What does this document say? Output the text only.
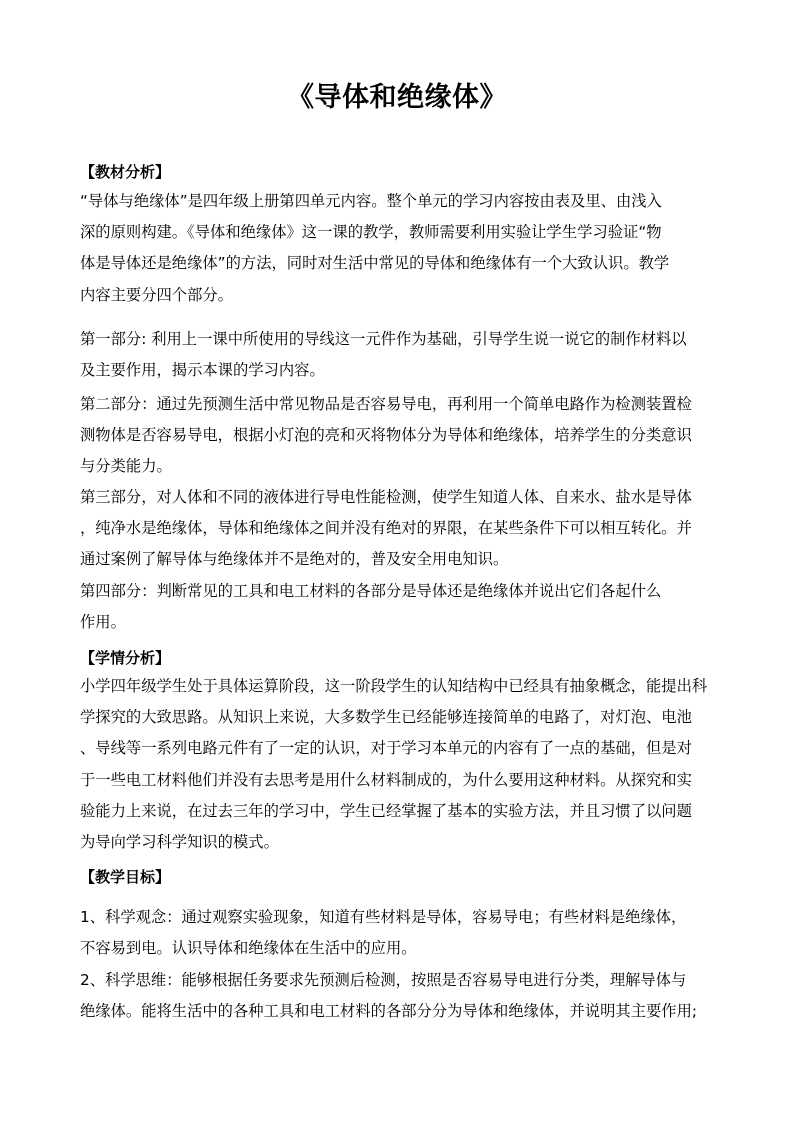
《导体和绝缘体》
【教材分析】
“导体与绝缘体”是四年级上册第四单元内容。整个单元的学习内容按由表及里、由浅入
深的原则构建。《导体和绝缘体》这一课的教学，教师需要利用实验让学生学习验证“物
体是导体还是绝缘体”的方法，同时对生活中常见的导体和绝缘体有一个大致认识。教学
内容主要分四个部分。
第一部分: 利用上一课中所使用的导线这一元件作为基础，引导学生说一说它的制作材料以
及主要作用，揭示本课的学习内容。
第二部分：通过先预测生活中常见物品是否容易导电，再利用一个简单电路作为检测装置检
测物体是否容易导电，根据小灯泡的亮和灭将物体分为导体和绝缘体，培养学生的分类意识
与分类能力。
第三部分，对人体和不同的液体进行导电性能检测，使学生知道人体、自来水、盐水是导体
，纯净水是绝缘体，导体和绝缘体之间并没有绝对的界限，在某些条件下可以相互转化。并
通过案例了解导体与绝缘体并不是绝对的，普及安全用电知识。
第四部分：判断常见的工具和电工材料的各部分是导体还是绝缘体并说出它们各起什么
作用。
【学情分析】
小学四年级学生处于具体运算阶段，这一阶段学生的认知结构中已经具有抽象概念，能提出科
学探究的大致思路。从知识上来说，大多数学生已经能够连接简单的电路了，对灯泡、电池
、导线等一系列电路元件有了一定的认识，对于学习本单元的内容有了一点的基础，但是对
于一些电工材料他们并没有去思考是用什么材料制成的，为什么要用这种材料。从探究和实
验能力上来说，在过去三年的学习中，学生已经掌握了基本的实验方法，并且习惯了以问题
为导向学习科学知识的模式。
【教学目标】
1、科学观念：通过观察实验现象，知道有些材料是导体，容易导电；有些材料是绝缘体，
不容易到电。认识导体和绝缘体在生活中的应用。
2、科学思维：能够根据任务要求先预测后检测，按照是否容易导电进行分类，理解导体与
绝缘体。能将生活中的各种工具和电工材料的各部分分为导体和绝缘体，并说明其主要作用;
